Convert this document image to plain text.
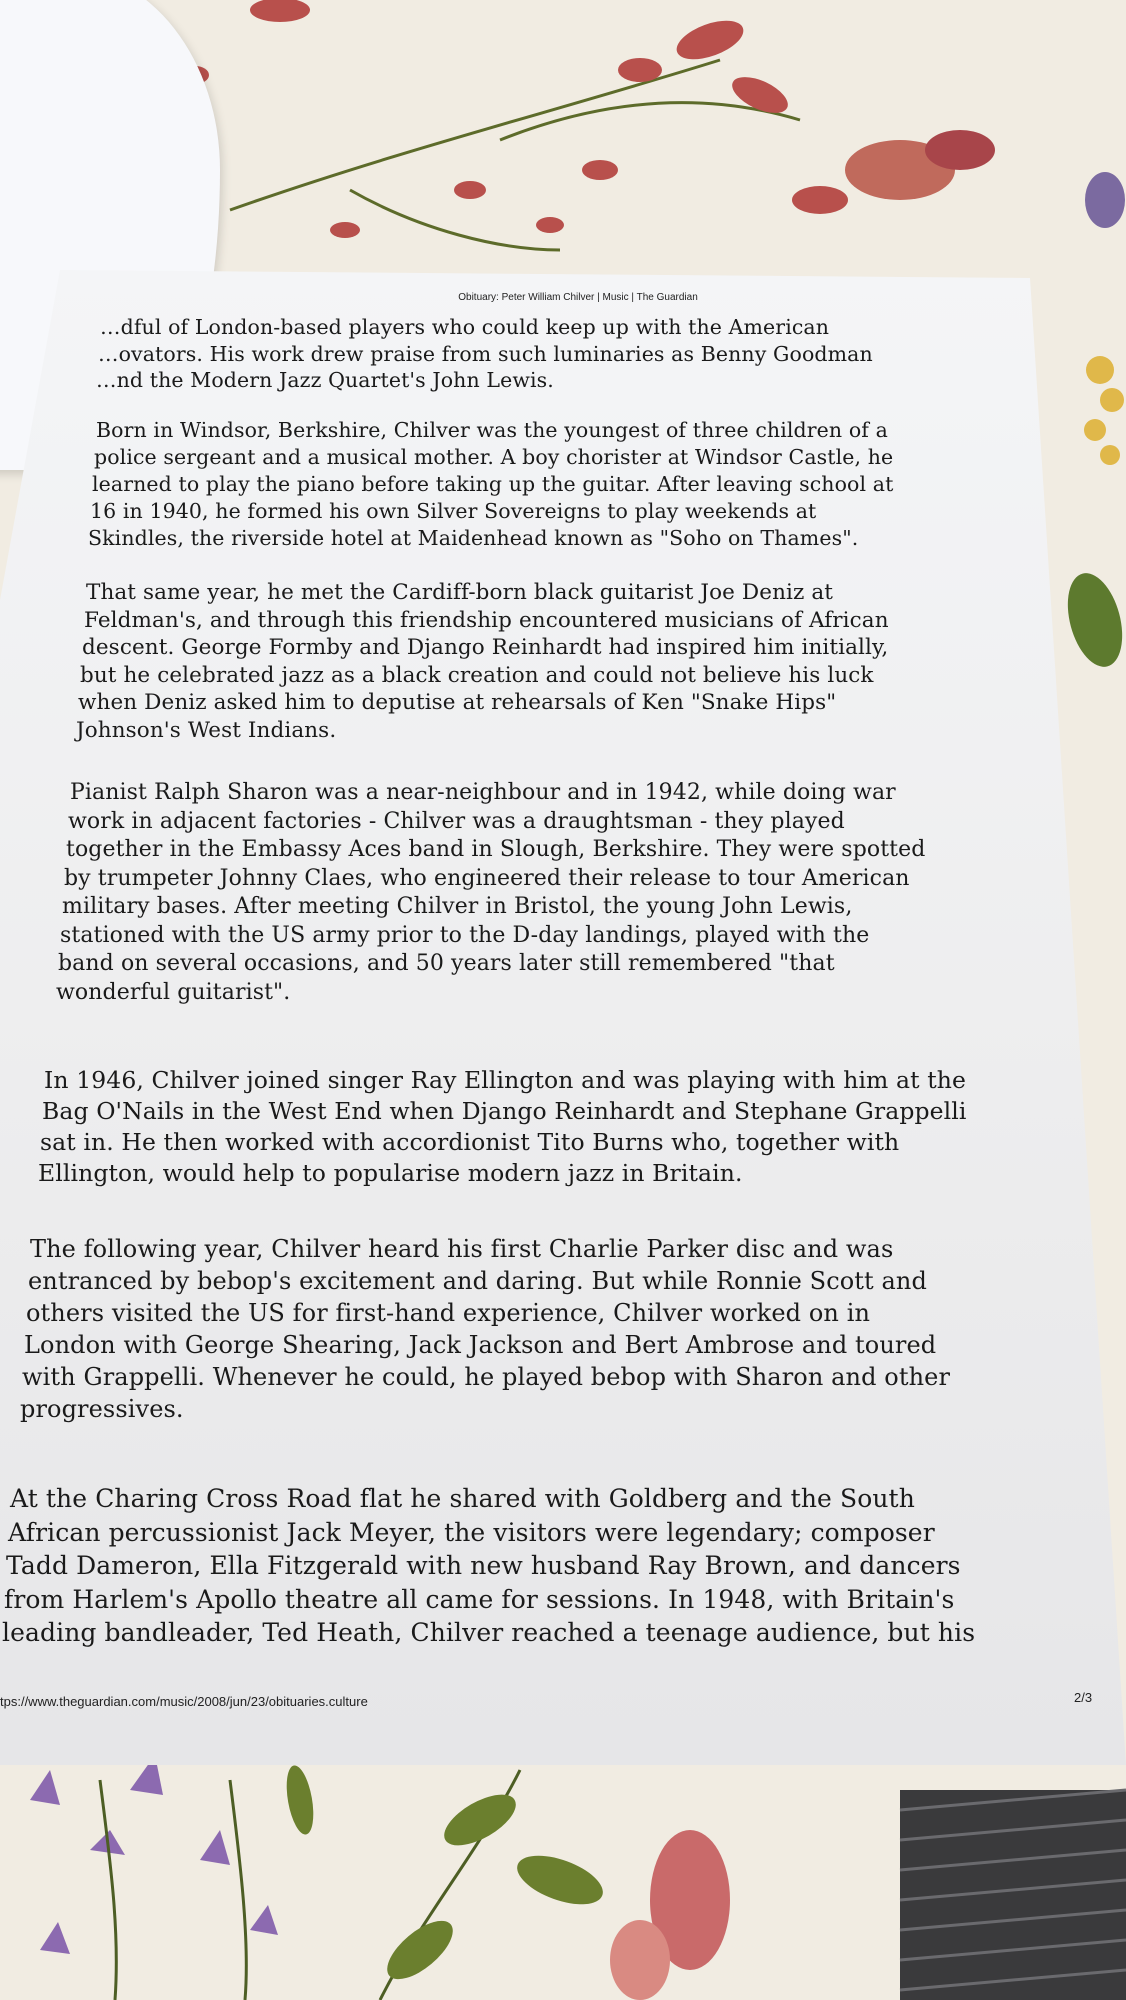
Obituary: Peter William Chilver | Music | The Guardian
…dful of London-based players who could keep up with the American
…ovators. His work drew praise from such luminaries as Benny Goodman
…nd the Modern Jazz Quartet's John Lewis.
Born in Windsor, Berkshire, Chilver was the youngest of three children of a
police sergeant and a musical mother. A boy chorister at Windsor Castle, he
learned to play the piano before taking up the guitar. After leaving school at
16 in 1940, he formed his own Silver Sovereigns to play weekends at
Skindles, the riverside hotel at Maidenhead known as "Soho on Thames".
That same year, he met the Cardiff-born black guitarist Joe Deniz at
Feldman's, and through this friendship encountered musicians of African
descent. George Formby and Django Reinhardt had inspired him initially,
but he celebrated jazz as a black creation and could not believe his luck
when Deniz asked him to deputise at rehearsals of Ken "Snake Hips"
Johnson's West Indians.
Pianist Ralph Sharon was a near-neighbour and in 1942, while doing war
work in adjacent factories - Chilver was a draughtsman - they played
together in the Embassy Aces band in Slough, Berkshire. They were spotted
by trumpeter Johnny Claes, who engineered their release to tour American
military bases. After meeting Chilver in Bristol, the young John Lewis,
stationed with the US army prior to the D-day landings, played with the
band on several occasions, and 50 years later still remembered "that
wonderful guitarist".
In 1946, Chilver joined singer Ray Ellington and was playing with him at the
Bag O'Nails in the West End when Django Reinhardt and Stephane Grappelli
sat in. He then worked with accordionist Tito Burns who, together with
Ellington, would help to popularise modern jazz in Britain.
The following year, Chilver heard his first Charlie Parker disc and was
entranced by bebop's excitement and daring. But while Ronnie Scott and
others visited the US for first-hand experience, Chilver worked on in
London with George Shearing, Jack Jackson and Bert Ambrose and toured
with Grappelli. Whenever he could, he played bebop with Sharon and other
progressives.
At the Charing Cross Road flat he shared with Goldberg and the South
African percussionist Jack Meyer, the visitors were legendary; composer
Tadd Dameron, Ella Fitzgerald with new husband Ray Brown, and dancers
from Harlem's Apollo theatre all came for sessions. In 1948, with Britain's
leading bandleader, Ted Heath, Chilver reached a teenage audience, but his
tps://www.theguardian.com/music/2008/jun/23/obituaries.culture	2/3
